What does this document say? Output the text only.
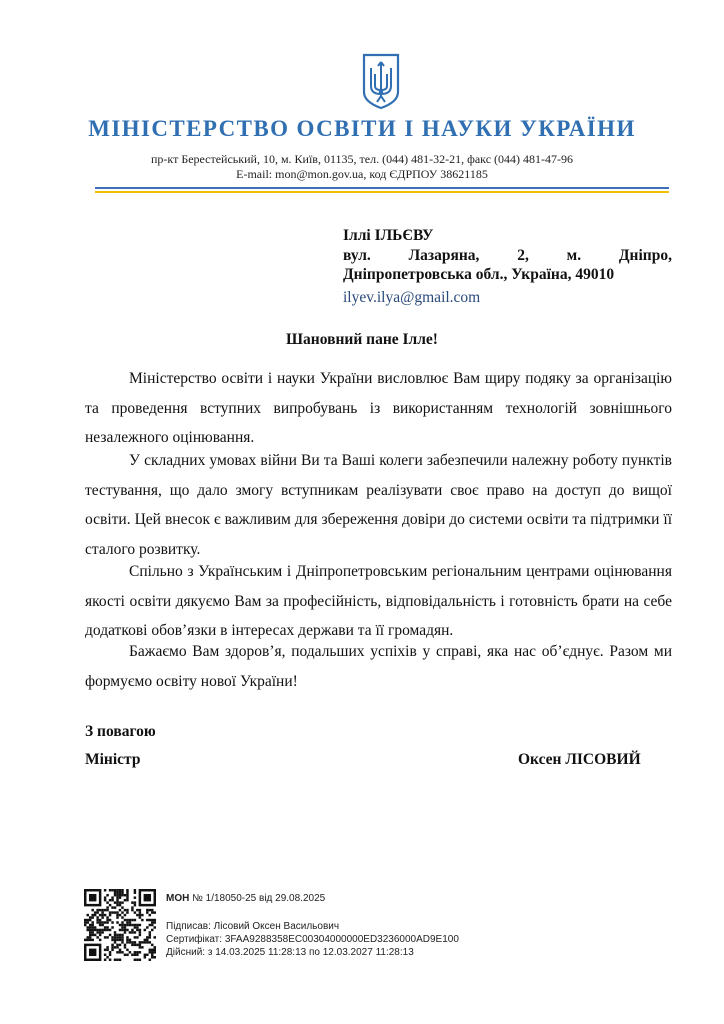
МІНІСТЕРСТВО ОСВІТИ І НАУКИ УКРАЇНИ
пр-кт Берестейський, 10, м. Київ, 01135, тел. (044) 481-32-21, факс (044) 481-47-96
E-mail: mon@mon.gov.ua, код ЄДРПОУ 38621185
Іллі ІЛЬЄВУ
вул. Лазаряна, 2, м. Дніпро,
Дніпропетровська обл., Україна, 49010
ilyev.ilya@gmail.com
Шановний пане Ілле!
Міністерство освіти і науки України висловлює Вам щиру подяку за організацію та проведення вступних випробувань із використанням технологій зовнішнього незалежного оцінювання.
У складних умовах війни Ви та Ваші колеги забезпечили належну роботу пунктів тестування, що дало змогу вступникам реалізувати своє право на доступ до вищої освіти. Цей внесок є важливим для збереження довіри до системи освіти та підтримки її сталого розвитку.
Спільно з Українським і Дніпропетровським регіональним центрами оцінювання якості освіти дякуємо Вам за професійність, відповідальність і готовність брати на себе додаткові обов’язки в інтересах держави та її громадян.
Бажаємо Вам здоров’я, подальших успіхів у справі, яка нас об’єднує. Разом ми формуємо освіту нової України!
З повагою
Міністр	Оксен ЛІСОВИЙ
МОН № 1/18050-25 від 29.08.2025
Підписав: Лісовий Оксен Васильович
Сертифікат: 3FAA9288358EC00304000000ED3236000AD9E100
Дійсний: з 14.03.2025 11:28:13 по 12.03.2027 11:28:13
